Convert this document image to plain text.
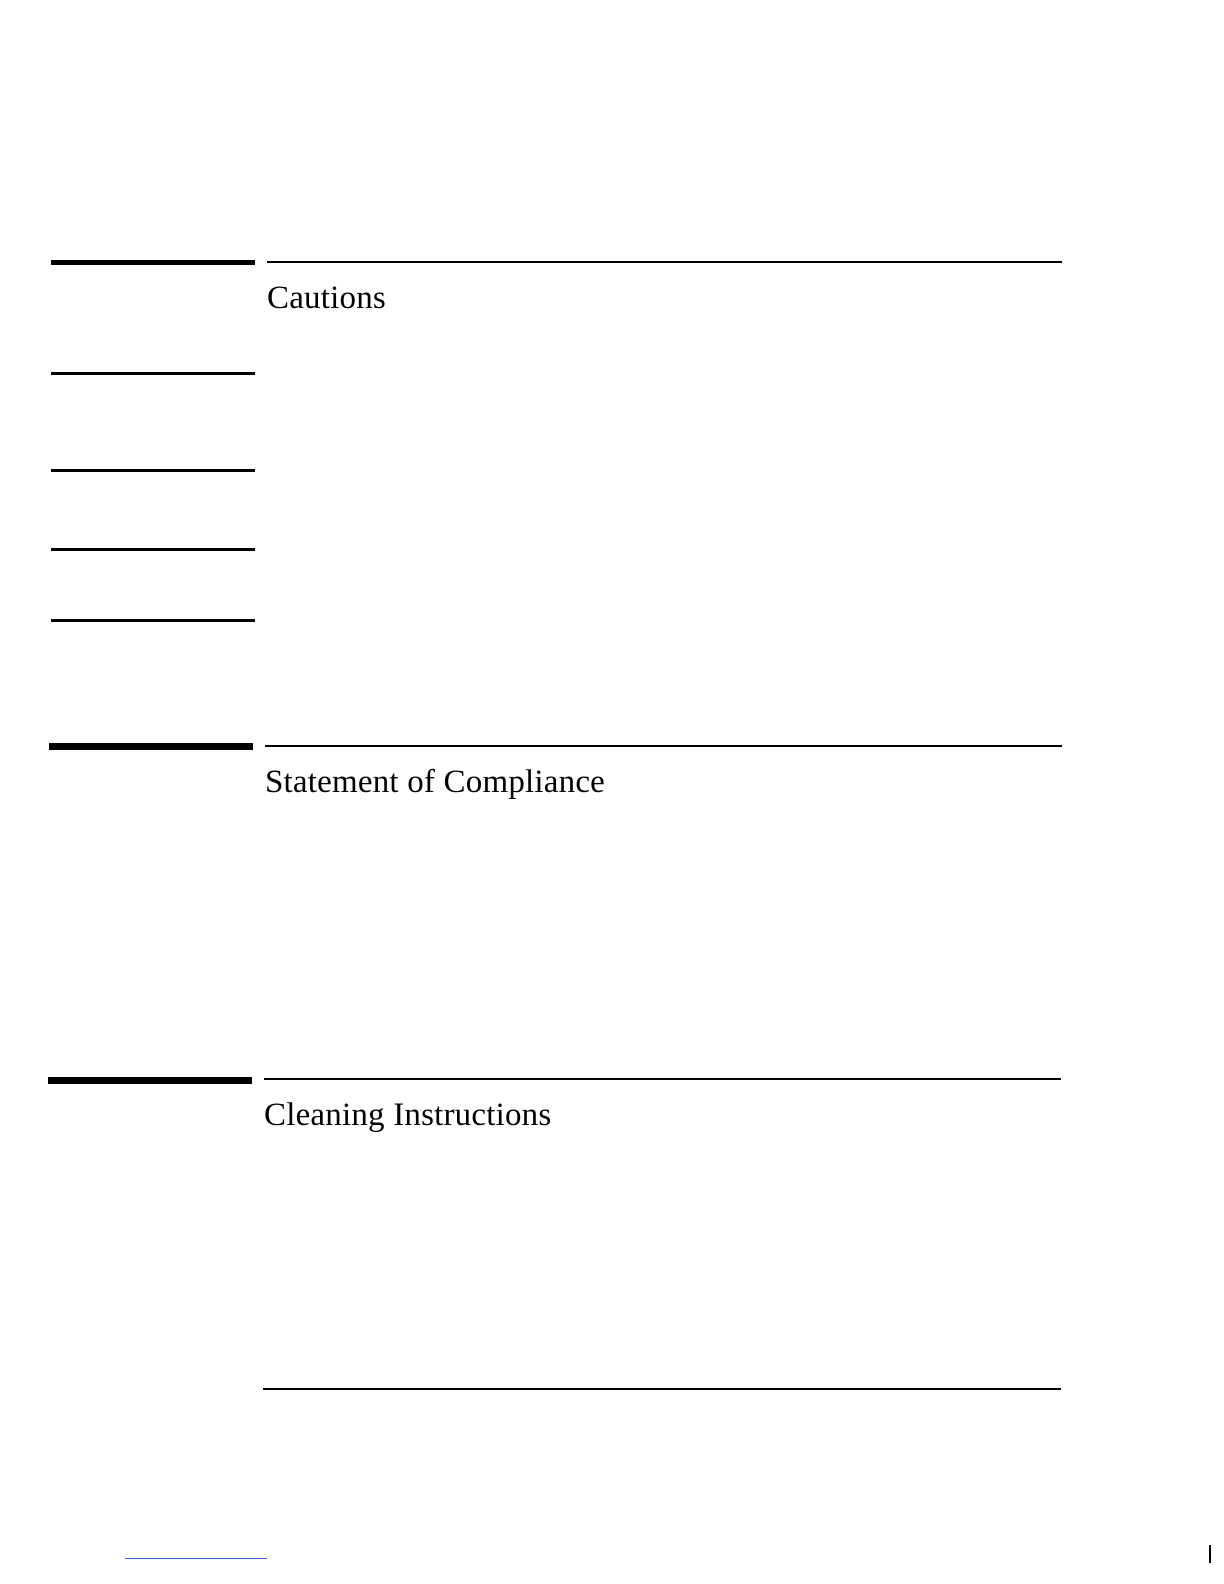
Cautions
Statement of Compliance
Cleaning Instructions
